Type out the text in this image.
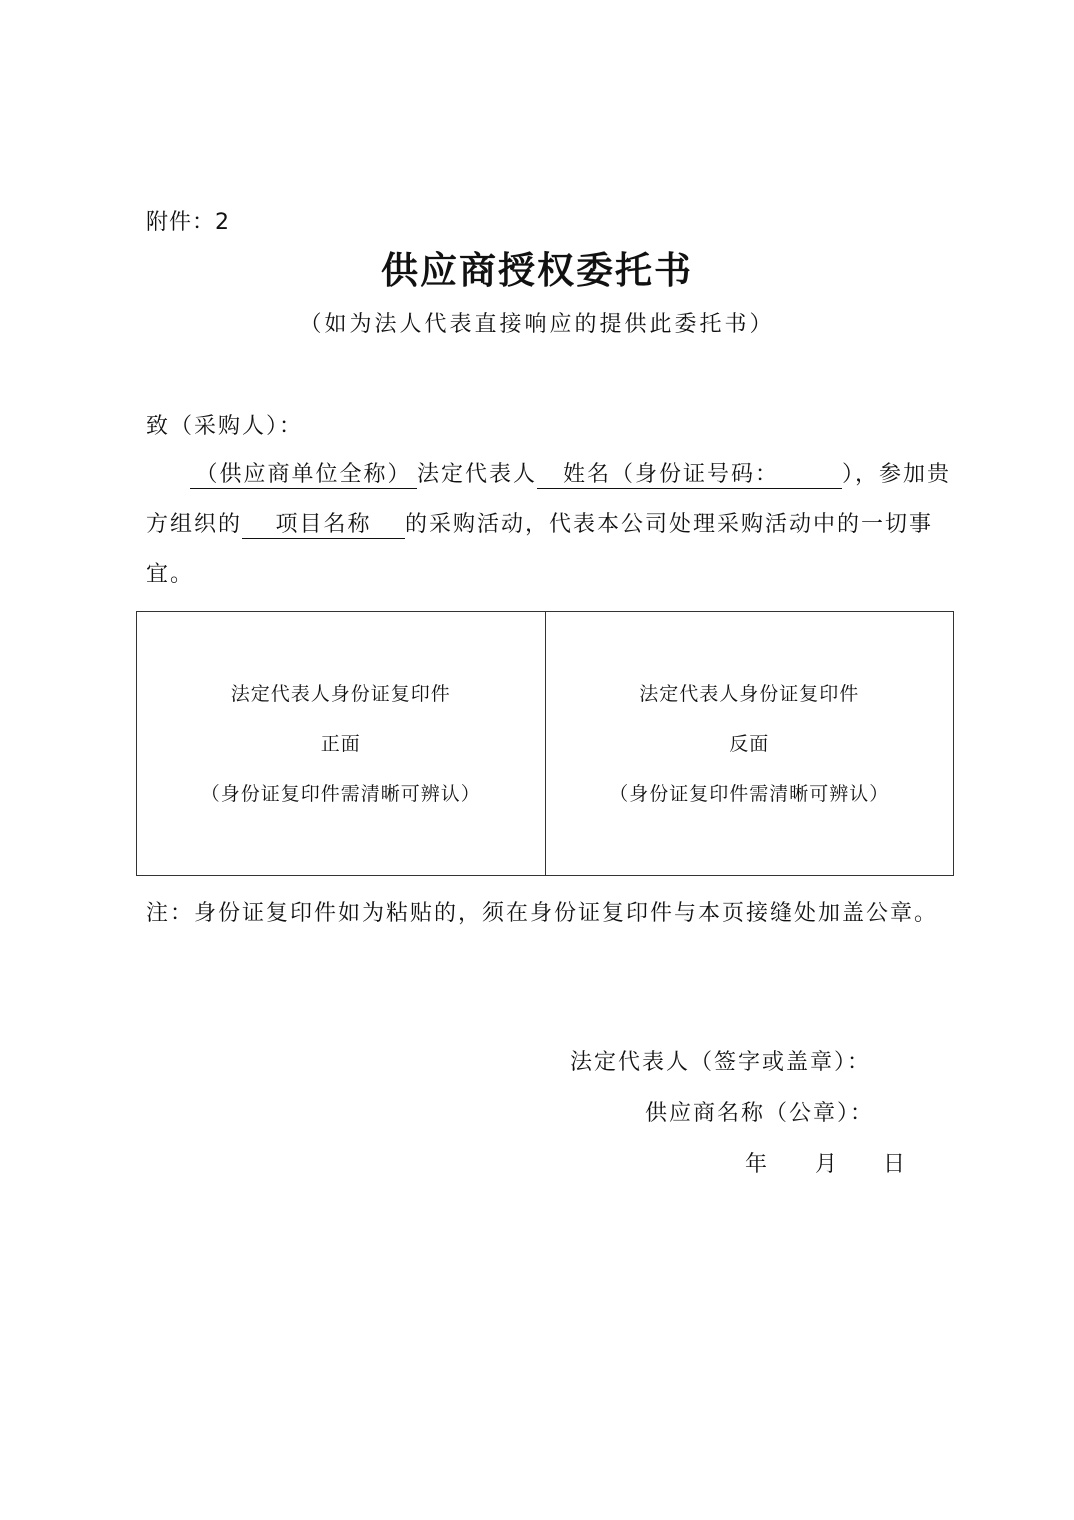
附件：2
供应商授权委托书
（如为法人代表直接响应的提供此委托书）
致（采购人）：
（供应商单位全称） 法定代表人 姓名（身份证号码：	），参加贵
方组织的 项目名称 的采购活动，代表本公司处理采购活动中的一切事
宜。
法定代表人身份证复印件
正面
（身份证复印件需清晰可辨认）
法定代表人身份证复印件
反面
（身份证复印件需清晰可辨认）
注：身份证复印件如为粘贴的，须在身份证复印件与本页接缝处加盖公章。
法定代表人（签字或盖章）：
供应商名称（公章）：
年 月 日
